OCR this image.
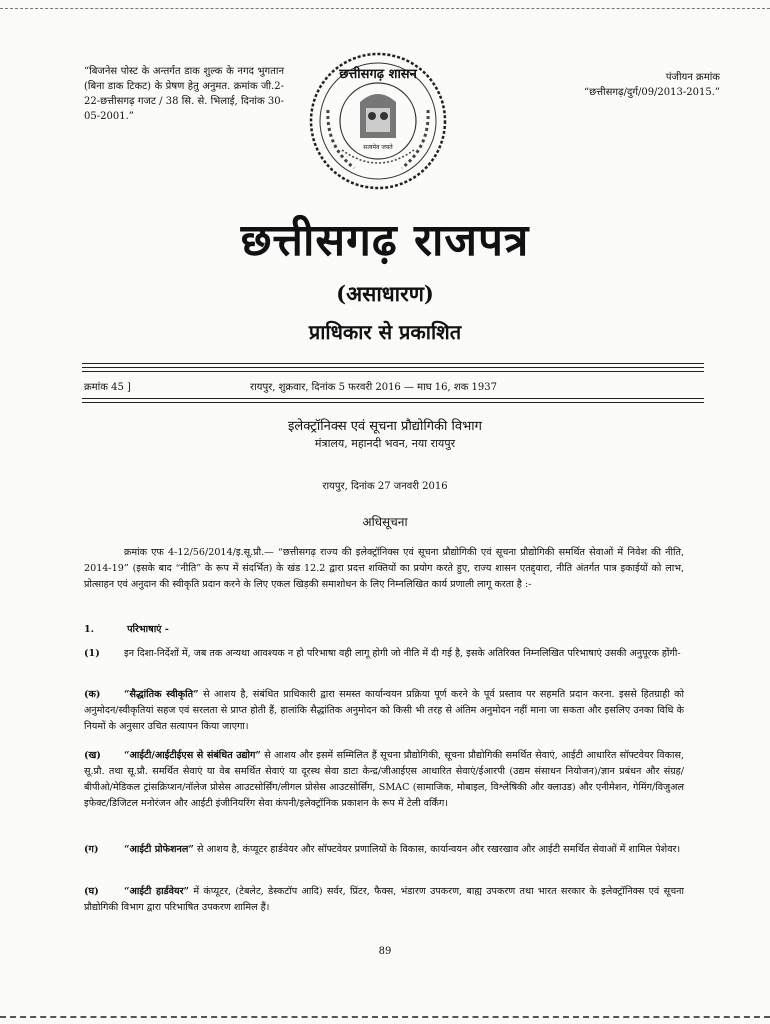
“बिजनेस पोस्ट के अन्तर्गत डाक शुल्क के नगद भुगतान (बिना डाक टिकट) के प्रेषण हेतु अनुमत. क्रमांक जी.2-22-छत्तीसगढ़ गजट / 38 सि. से. भिलाई, दिनांक 30-05-2001.”
छत्तीसगढ़ शासन
सत्यमेव जयते
पंजीयन क्रमांक
“छत्तीसगढ़/दुर्ग/09/2013-2015.”
छत्तीसगढ़ राजपत्र
(असाधारण)
प्राधिकार से प्रकाशित
क्रमांक 45 ]	रायपुर, शुक्रवार, दिनांक 5 फरवरी 2016 — माघ 16, शक 1937
इलेक्ट्रॉनिक्स एवं सूचना प्रौद्योगिकी विभाग
मंत्रालय, महानदी भवन, नया रायपुर
रायपुर, दिनांक 27 जनवरी 2016
अधिसूचना
क्रमांक एफ 4-12/56/2014/इ.सू.प्रौ.— “छत्तीसगढ़ राज्य की इलेक्ट्रॉनिक्स एवं सूचना प्रौद्योगिकी एवं सूचना प्रौद्योगिकी समर्थित सेवाओं में निवेश की नीति, 2014-19” (इसके बाद “नीति” के रूप में संदर्भित) के खंड 12.2 द्वारा प्रदत्त शक्तियों का प्रयोग करते हुए, राज्य शासन एतद्द्वारा, नीति अंतर्गत पात्र इकाईयों को लाभ, प्रोत्साहन एवं अनुदान की स्वीकृति प्रदान करने के लिए एकल खिड़की समाशोधन के लिए निम्नलिखित कार्य प्रणाली लागू करता है :-
1.	परिभाषाएं -
(1)	इन दिशा-निर्देशों में, जब तक अन्यथा आवश्यक न हो परिभाषा वही लागू होगी जो नीति में दी गई है, इसके अतिरिक्त निम्नलिखित परिभाषाएं उसकी अनुपूरक होंगी-
(क) “सैद्धांतिक स्वीकृति” से आशय है, संबंधित प्राधिकारी द्वारा समस्त कार्यान्वयन प्रक्रिया पूर्ण करने के पूर्व प्रस्ताव पर सहमति प्रदान करना. इससे हितग्राही को अनुमोदन/स्वीकृतियां सहज एवं सरलता से प्राप्त होती हैं, हालांकि सैद्धांतिक अनुमोदन को किसी भी तरह से अंतिम अनुमोदन नहीं माना जा सकता और इसलिए उनका विधि के नियमों के अनुसार उचित सत्यापन किया जाएगा।
(ख) “आईटी/आईटीईएस से संबंधित उद्योग” से आशय और इसमें सम्मिलित हैं सूचना प्रौद्योगिकी, सूचना प्रौद्योगिकी समर्थित सेवाएं, आईटी आधारित सॉफ्टवेयर विकास, सू.प्रौ. तथा सू.प्रौ. समर्थित सेवाएं या वेब समर्थित सेवाएं या दूरस्थ सेवा डाटा केन्द्र/जीआईएस आधारित सेवाएं/ईआरपी (उद्यम संसाधन नियोजन)/ज्ञान प्रबंधन और संग्रह/बीपीओ/मेडिकल ट्रांसक्रिप्शन/नॉलेज प्रोसेस आउटसोर्सिंग/लीगल प्रोसेस आउटसोर्सिंग, SMAC (सामाजिक, मोबाइल, विश्लेषिकी और क्लाउड) और एनीमेशन, गेमिंग/विजुअल इफेक्ट/डिजिटल मनोरंजन और आईटी इंजीनियरिंग सेवा कंपनी/इलेक्ट्रॉनिक प्रकाशन के रूप में टेली वर्किंग।
(ग)	“आईटी प्रोफेशनल” से आशय है, कंप्यूटर हार्डवेयर और सॉफ्टवेयर प्रणालियों के विकास, कार्यान्वयन और रखरखाव और आईटी समर्थित सेवाओं में शामिल पेशेवर।
(घ)	“आईटी हार्डवेयर” में कंप्यूटर, (टेबलेट, डेस्कटॉप आदि) सर्वर, प्रिंटर, फैक्स, भंडारण उपकरण, बाह्य उपकरण तथा भारत सरकार के इलेक्ट्रॉनिक्स एवं सूचना प्रौद्योगिकी विभाग द्वारा परिभाषित उपकरण शामिल हैं।
89
